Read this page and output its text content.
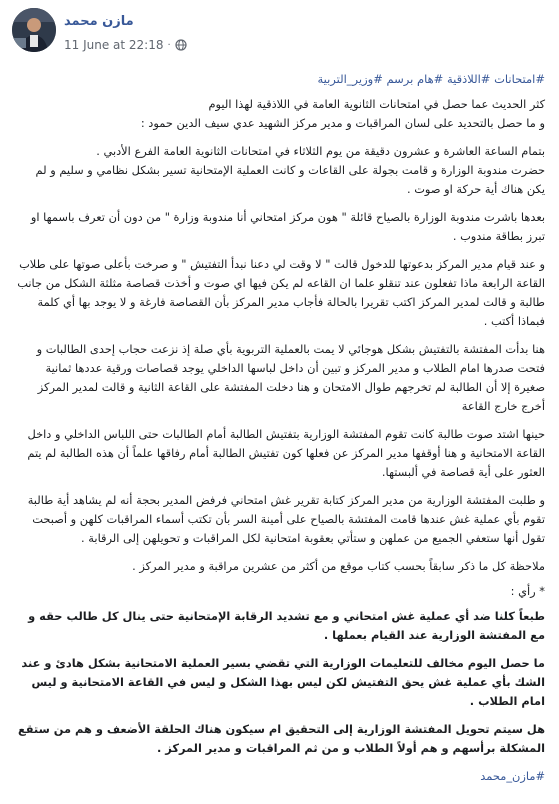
مازن محمد
11 June at 22:18 ·
#امتحانات #اللاذقية #هام برسم #وزير_التربية

كثر الحديث عما حصل في امتحانات الثانوية العامة في اللاذقية لهذا اليوم
و ما حصل بالتحديد على لسان المراقبات و مدير مركز الشهيد عدي سيف الدين حمود :

بتمام الساعة العاشرة و عشرون دقيقة من يوم الثلاثاء في امتحانات الثانوية العامة الفرع الأدبي .
حضرت مندوبة الوزارة و قامت بجولة على القاعات و كانت العملية الإمتحانية تسير بشكل نظامي و سليم و لم يكن هناك أية حركة او صوت .

بعدها باشرت مندوبة الوزارة بالصياح قائلة " هون مركز امتحاني أنا مندوبة وزارة " من دون أن تعرف باسمها او تبرز بطاقة مندوب .

و عند قيام مدير المركز بدعوتها للدخول قالت " لا وقت لي دعنا نبدأ التفتيش " و صرخت بأعلى صوتها على طلاب القاعة الرابعة ماذا تفعلون عند تنقلو علما ان القاعه لم يكن فيها اي صوت و أخذت قصاصة مثلثة الشكل من جانب طالبة و قالت لمدير المركز اكتب تقريرا بالحالة فأجاب مدير المركز بأن القصاصة فارغة و لا يوجد بها أي كلمة فبماذا أكتب .

هنا بدأت المفتشة بالتفتيش بشكل هوجائي لا يمت بالعملية التربوية بأي صلة إذ نزعت حجاب إحدى الطالبات و فتحت صدرها امام الطلاب و مدير المركز و تبين أن داخل لباسها الداخلي يوجد قصاصات ورقية عددها ثمانية صغيرة إلا أن الطالبة لم تخرجهم طوال الامتحان و هنا دخلت المفتشة على القاعة الثانية و قالت لمدير المركز أخرج خارج القاعة

حينها اشتد صوت طالبة كانت تقوم المفتشة الوزارية بتفتيش الطالبة أمام الطالبات حتى اللباس الداخلي و داخل القاعة الامتحانية و هنا أوقفها مدير المركز عن فعلها كون تفتيش الطالبة أمام رفاقها علماً أن هذه الطالبة لم يتم العثور على أية قصاصة في ألبستها.

و طلبت المفتشة الوزارية من مدير المركز كتابة تقرير غش امتحاني فرفض المدير بحجة أنه لم يشاهد أية طالبة تقوم بأي عملية غش عندها قامت المفتشة بالصياح على أمينة السر بأن تكتب أسماء المراقبات كلهن و أصبحت تقول أنها ستعفي الجميع من عملهن و ستأتي بعقوبة امتحانية لكل المراقبات و تحويلهن إلى الرقابة .

ملاحظة كل ما ذكر سابقاً بحسب كتاب موقع من أكثر من عشرين مراقبة و مدير المركز .

* رأي :

طبعاً كلنا ضد أي عملية غش امتحاني و مع تشديد الرقابة الإمتحانية حتى ينال كل طالب حقه و مع المفتشة الوزارية عند القيام بعملها .

ما حصل اليوم مخالف للتعليمات الوزارية التي تقضي بسير العملية الامتحانية بشكل هادئ و عند الشك بأي عملية غش يحق التفتيش لكن ليس بهذا الشكل و ليس في القاعة الامتحانية و ليس امام الطلاب .

هل سيتم تحويل المفتشة الوزارية إلى التحقيق ام سيكون هناك الحلقة الأضعف و هم من ستقع المشكلة برأسهم و هم أولاً الطلاب و من ثم المراقبات و مدير المركز .

#مازن_محمد
